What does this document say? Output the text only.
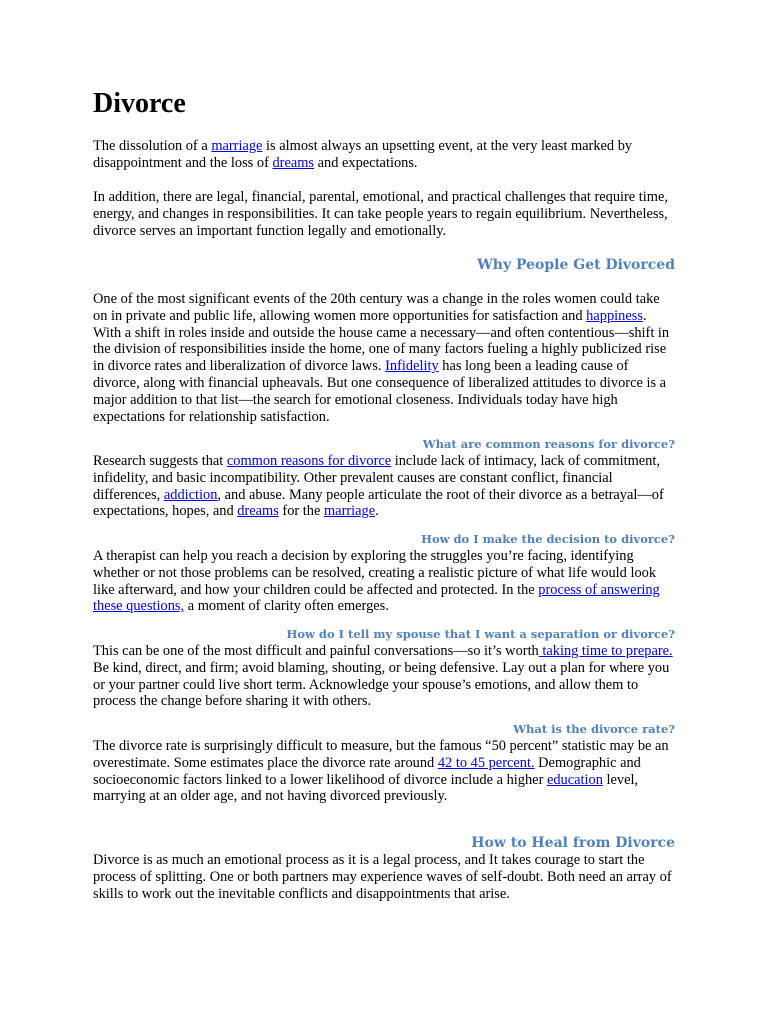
Divorce

The dissolution of a marriage is almost always an upsetting event, at the very least marked by disappointment and the loss of dreams and expectations.

In addition, there are legal, financial, parental, emotional, and practical challenges that require time, energy, and changes in responsibilities. It can take people years to regain equilibrium. Nevertheless, divorce serves an important function legally and emotionally.

Why People Get Divorced

One of the most significant events of the 20th century was a change in the roles women could take on in private and public life, allowing women more opportunities for satisfaction and happiness. With a shift in roles inside and outside the house came a necessary—and often contentious—shift in the division of responsibilities inside the home, one of many factors fueling a highly publicized rise in divorce rates and liberalization of divorce laws. Infidelity has long been a leading cause of divorce, along with financial upheavals. But one consequence of liberalized attitudes to divorce is a major addition to that list—the search for emotional closeness. Individuals today have high expectations for relationship satisfaction.

What are common reasons for divorce?

Research suggests that common reasons for divorce include lack of intimacy, lack of commitment, infidelity, and basic incompatibility. Other prevalent causes are constant conflict, financial differences, addiction, and abuse. Many people articulate the root of their divorce as a betrayal—of expectations, hopes, and dreams for the marriage.

How do I make the decision to divorce?

A therapist can help you reach a decision by exploring the struggles you’re facing, identifying whether or not those problems can be resolved, creating a realistic picture of what life would look like afterward, and how your children could be affected and protected. In the process of answering these questions, a moment of clarity often emerges.

How do I tell my spouse that I want a separation or divorce?

This can be one of the most difficult and painful conversations—so it’s worth taking time to prepare. Be kind, direct, and firm; avoid blaming, shouting, or being defensive. Lay out a plan for where you or your partner could live short term. Acknowledge your spouse’s emotions, and allow them to process the change before sharing it with others.

What is the divorce rate?

The divorce rate is surprisingly difficult to measure, but the famous “50 percent” statistic may be an overestimate. Some estimates place the divorce rate around 42 to 45 percent. Demographic and socioeconomic factors linked to a lower likelihood of divorce include a higher education level, marrying at an older age, and not having divorced previously.

How to Heal from Divorce

Divorce is as much an emotional process as it is a legal process, and It takes courage to start the process of splitting. One or both partners may experience waves of self-doubt. Both need an array of skills to work out the inevitable conflicts and disappointments that arise.
